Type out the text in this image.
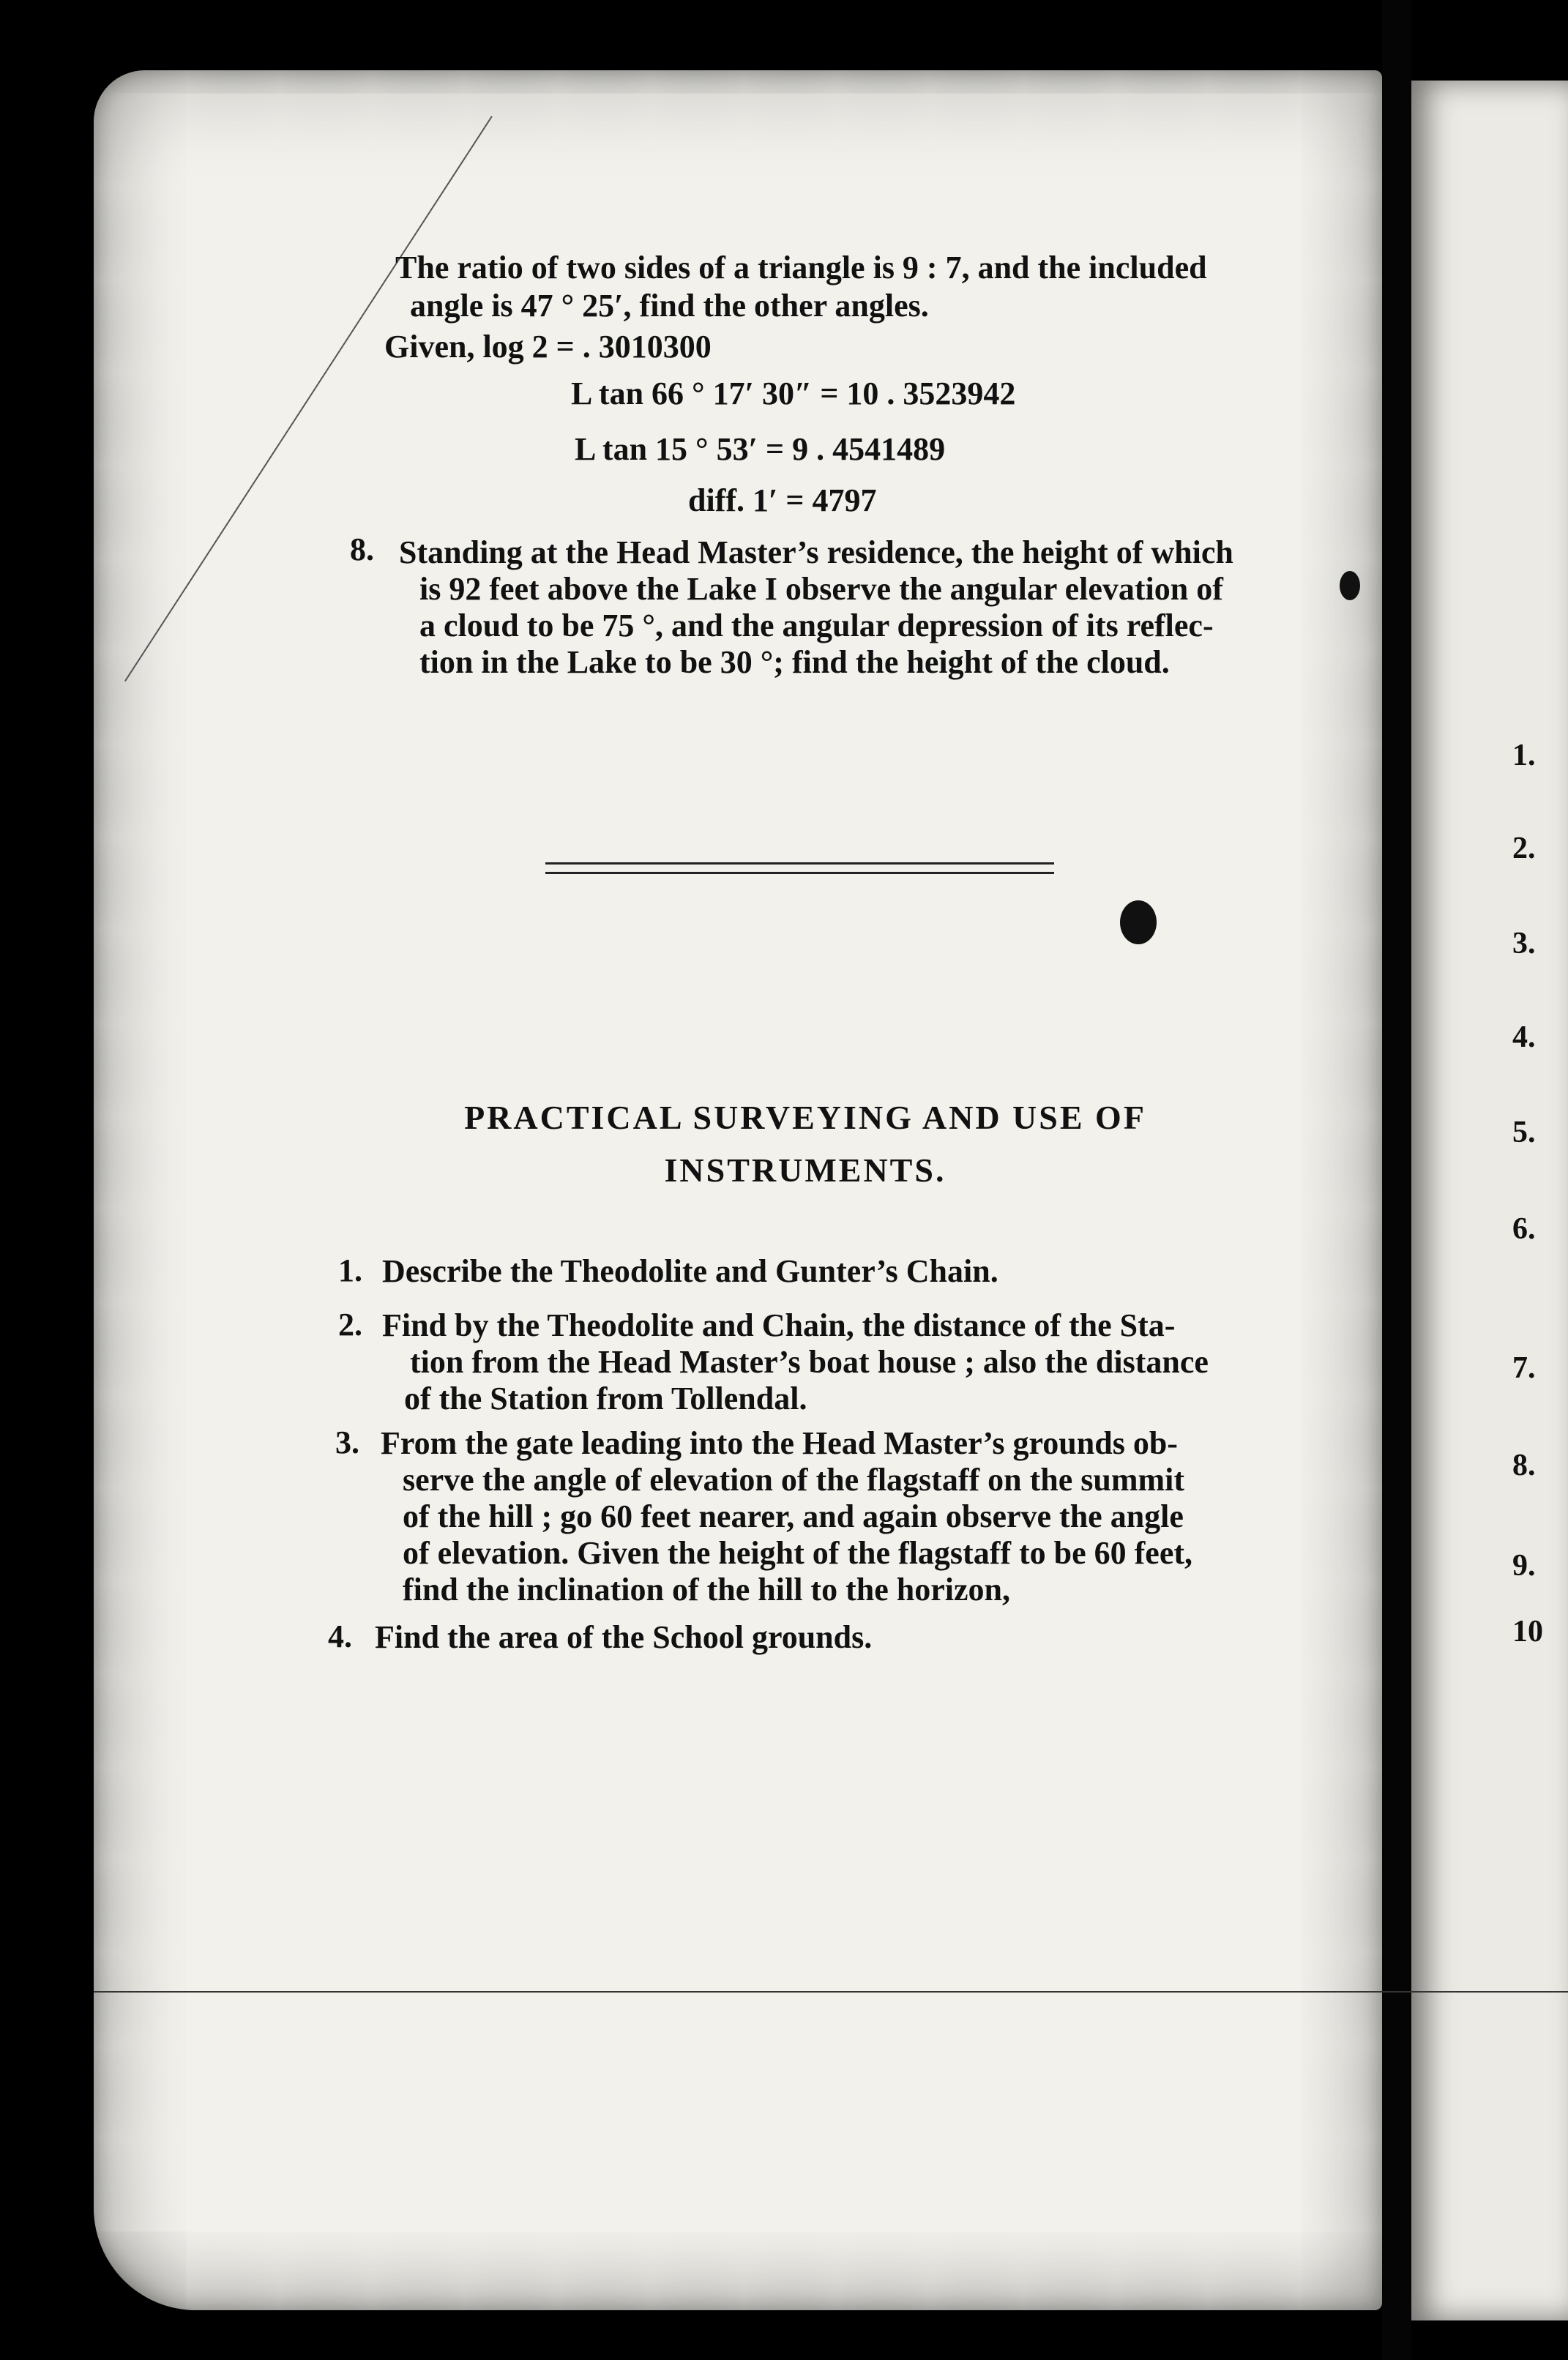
The ratio of two sides of a triangle is 9 : 7, and the included
angle is 47 ° 25′, find the other angles.
Given, log 2 = . 3010300
L tan 66 ° 17′ 30″ = 10 . 3523942
L tan 15 ° 53′ = 9 . 4541489
diff. 1′ = 4797
8. Standing at the Head Master’s residence, the height of which
is 92 feet above the Lake I observe the angular elevation of
a cloud to be 75 °, and the angular depression of its reflec-
tion in the Lake to be 30 °; find the height of the cloud.
PRACTICAL SURVEYING AND USE OF
INSTRUMENTS.
1. Describe the Theodolite and Gunter’s Chain.
2. Find by the Theodolite and Chain, the distance of the Sta-
tion from the Head Master’s boat house ; also the distance
of the Station from Tollendal.
3. From the gate leading into the Head Master’s grounds ob-
serve the angle of elevation of the flagstaff on the summit
of the hill ; go 60 feet nearer, and again observe the angle
of elevation. Given the height of the flagstaff to be 60 feet,
find the inclination of the hill to the horizon,
4. Find the area of the School grounds.
1.
2.
3.
4.
5.
6.
7.
8.
9.
10
